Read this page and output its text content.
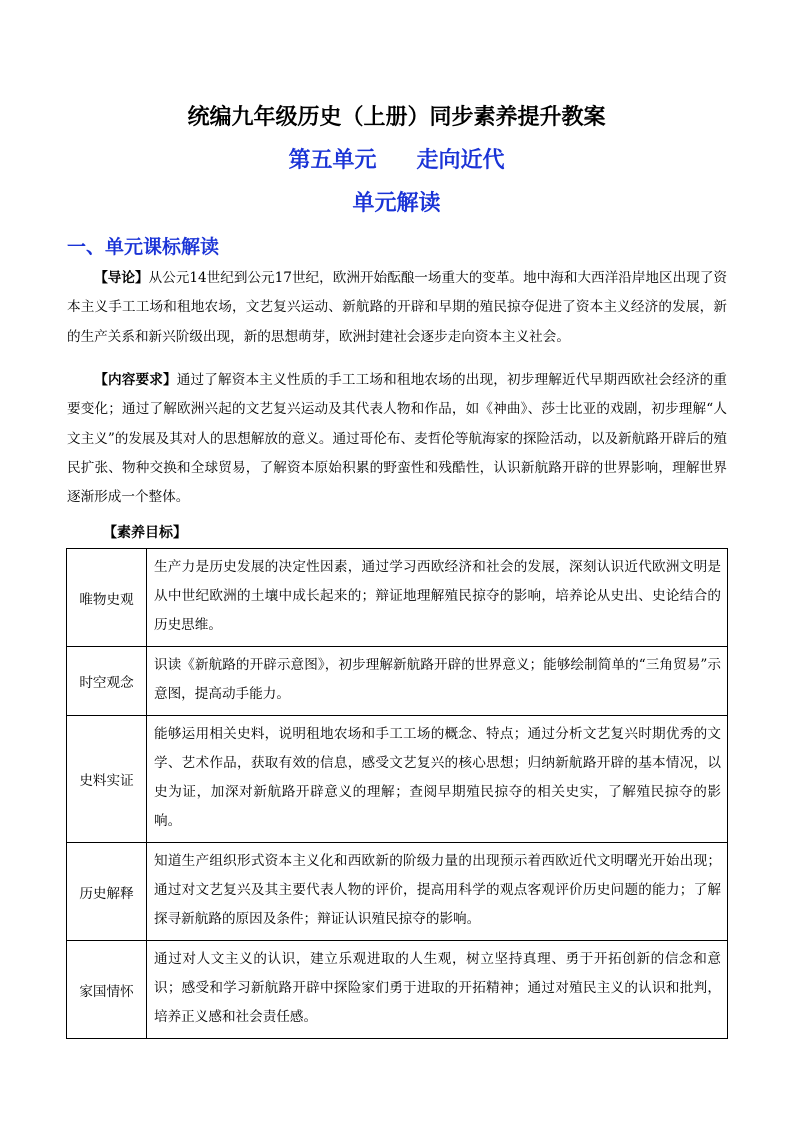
统编九年级历史（上册）同步素养提升教案
第五单元 走向近代
单元解读
一、单元课标解读

【导论】从公元14世纪到公元17世纪，欧洲开始酝酿一场重大的变革。地中海和大西洋沿岸地区出现了资本主义手工工场和租地农场，文艺复兴运动、新航路的开辟和早期的殖民掠夺促进了资本主义经济的发展，新的生产关系和新兴阶级出现，新的思想萌芽，欧洲封建社会逐步走向资本主义社会。

【内容要求】通过了解资本主义性质的手工工场和租地农场的出现，初步理解近代早期西欧社会经济的重要变化；通过了解欧洲兴起的文艺复兴运动及其代表人物和作品，如《神曲》、莎士比亚的戏剧，初步理解“人文主义”的发展及其对人的思想解放的意义。通过哥伦布、麦哲伦等航海家的探险活动，以及新航路开辟后的殖民扩张、物种交换和全球贸易，了解资本原始积累的野蛮性和残酷性，认识新航路开辟的世界影响，理解世界逐渐形成一个整体。

【素养目标】
唯物史观	生产力是历史发展的决定性因素，通过学习西欧经济和社会的发展，深刻认识近代欧洲文明是从中世纪欧洲的土壤中成长起来的；辩证地理解殖民掠夺的影响，培养论从史出、史论结合的历史思维。
时空观念	识读《新航路的开辟示意图》，初步理解新航路开辟的世界意义；能够绘制简单的“三角贸易”示意图，提高动手能力。
史料实证	能够运用相关史料，说明租地农场和手工工场的概念、特点；通过分析文艺复兴时期优秀的文学、艺术作品，获取有效的信息，感受文艺复兴的核心思想；归纳新航路开辟的基本情况，以史为证，加深对新航路开辟意义的理解；查阅早期殖民掠夺的相关史实，了解殖民掠夺的影响。
历史解释	知道生产组织形式资本主义化和西欧新的阶级力量的出现预示着西欧近代文明曙光开始出现；通过对文艺复兴及其主要代表人物的评价，提高用科学的观点客观评价历史问题的能力；了解探寻新航路的原因及条件；辩证认识殖民掠夺的影响。
家国情怀	通过对人文主义的认识，建立乐观进取的人生观，树立坚持真理、勇于开拓创新的信念和意识；感受和学习新航路开辟中探险家们勇于进取的开拓精神；通过对殖民主义的认识和批判，培养正义感和社会责任感。
